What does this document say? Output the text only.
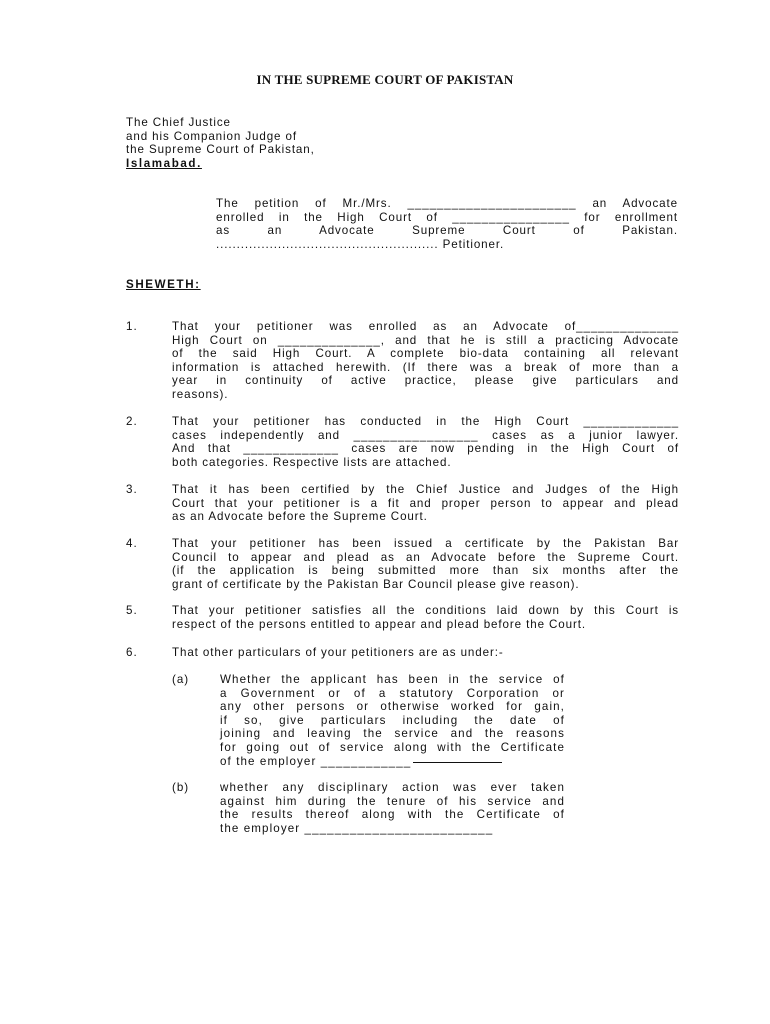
IN THE SUPREME COURT OF PAKISTAN
The Chief Justice
and his Companion Judge of
the Supreme Court of Pakistan,
Islamabad.
The petition of Mr./Mrs. _______________________ an Advocate
enrolled in the High Court of ________________ for enrollment
as an Advocate Supreme Court of Pakistan.
...................................................... Petitioner.
SHEWETH:
1.	That your petitioner was enrolled as an Advocate of______________
High Court on ______________, and that he is still a practicing Advocate
of the said High Court. A complete bio-data containing all relevant
information is attached herewith. (If there was a break of more than a
year in continuity of active practice, please give particulars and
reasons).
2.	That your petitioner has conducted in the High Court _____________
cases independently and _________________ cases as a junior lawyer.
And that _____________ cases are now pending in the High Court of
both categories. Respective lists are attached.
3.	That it has been certified by the Chief Justice and Judges of the High
Court that your petitioner is a fit and proper person to appear and plead
as an Advocate before the Supreme Court.
4.	That your petitioner has been issued a certificate by the Pakistan Bar
Council to appear and plead as an Advocate before the Supreme Court.
(if the application is being submitted more than six months after the
grant of certificate by the Pakistan Bar Council please give reason).
5.	That your petitioner satisfies all the conditions laid down by this Court is
respect of the persons entitled to appear and plead before the Court.
6.	That other particulars of your petitioners are as under:-
(a)	Whether the applicant has been in the service of
a Government or of a statutory Corporation or
any other persons or otherwise worked for gain,
if so, give particulars including the date of
joining and leaving the service and the reasons
for going out of service along with the Certificate
of the employer ____________
(b)	whether any disciplinary action was ever taken
against him during the tenure of his service and
the results thereof along with the Certificate of
the employer _________________________
